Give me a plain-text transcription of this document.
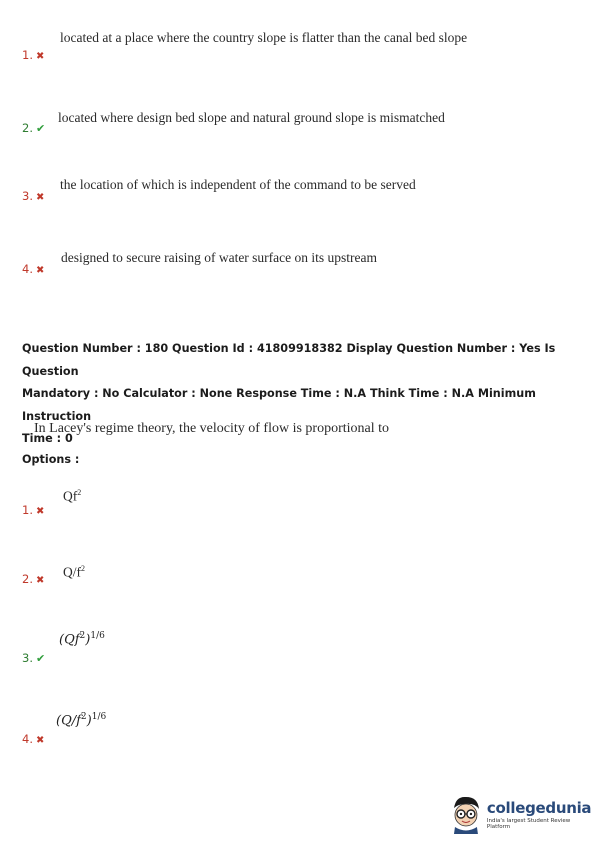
located at a place where the country slope is flatter than the canal bed slope
1. ✖
located where design bed slope and natural ground slope is mismatched
2. ✔
the location of which is independent of the command to be served
3. ✖
designed to secure raising of water surface on its upstream
4. ✖
Question Number : 180 Question Id : 41809918382 Display Question Number : Yes Is Question
Mandatory : No Calculator : None Response Time : N.A Think Time : N.A Minimum Instruction
Time : 0
In Lacey's regime theory, the velocity of flow is proportional to
Options :
Qf$^2$
1. ✖
$Q/f^2$
2. ✖
$(Qf^2)^{1/6}$
3. ✔
$(Q/f^2)^{1/6}$
4. ✖
collegedunia
India's largest Student Review Platform
